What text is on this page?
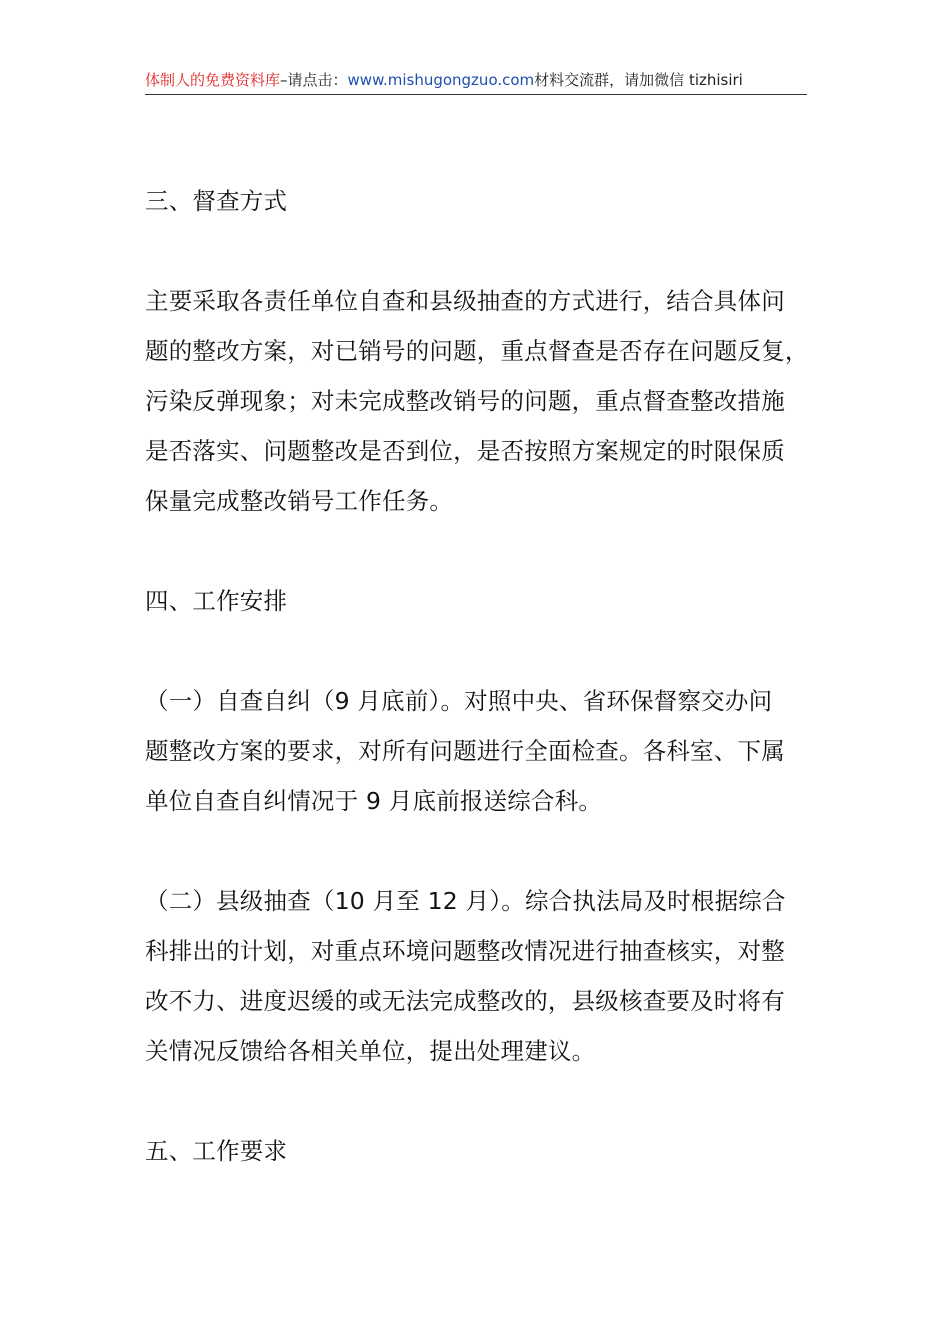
体制人的免费资料库–请点击：www.mishugongzuo.com材料交流群，请加微信 tizhisiri

三、督查方式

主要采取各责任单位自查和县级抽查的方式进行，结合具体问
题的整改方案，对已销号的问题，重点督查是否存在问题反复，
污染反弹现象；对未完成整改销号的问题，重点督查整改措施
是否落实、问题整改是否到位，是否按照方案规定的时限保质
保量完成整改销号工作任务。

四、工作安排

（一）自查自纠（9 月底前）。对照中央、省环保督察交办问
题整改方案的要求，对所有问题进行全面检查。各科室、下属
单位自查自纠情况于 9 月底前报送综合科。

（二）县级抽查（10 月至 12 月）。综合执法局及时根据综合
科排出的计划，对重点环境问题整改情况进行抽查核实，对整
改不力、进度迟缓的或无法完成整改的，县级核查要及时将有
关情况反馈给各相关单位，提出处理建议。

五、工作要求
